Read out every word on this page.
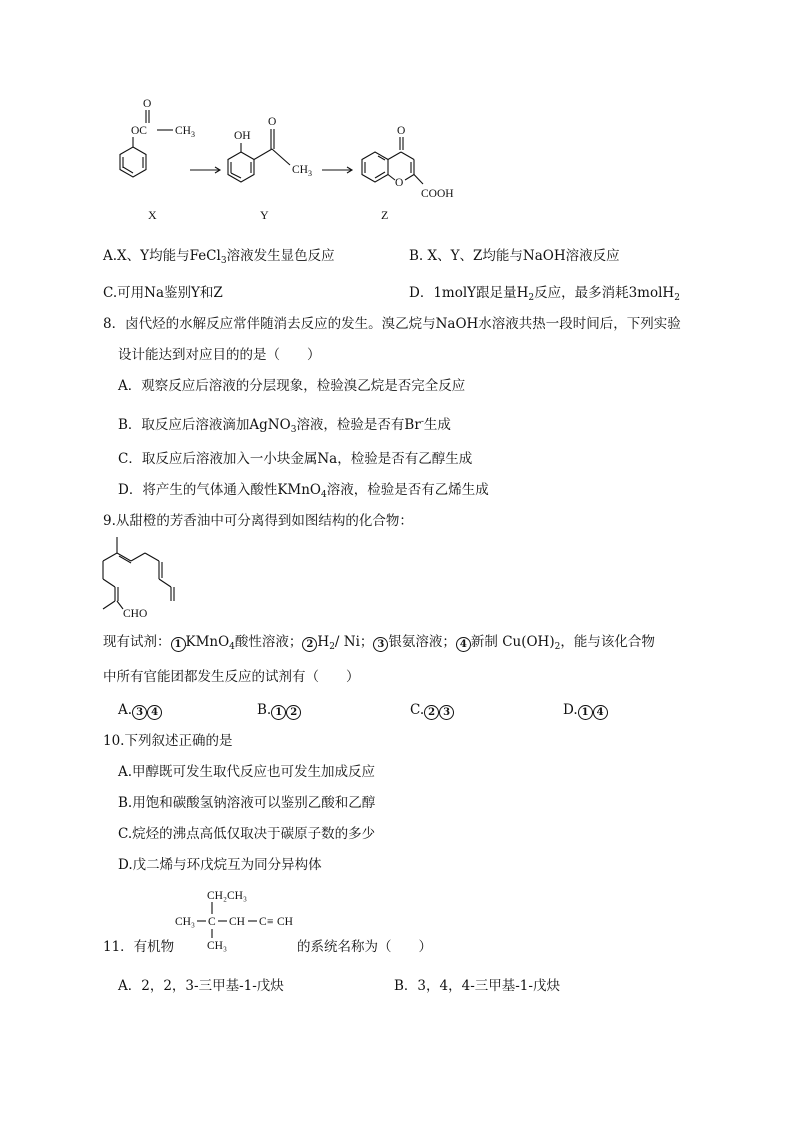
O
OC CH 3
X
OH
O
CH 3
Y
O
O
COOH
Z
A.X、Y均能与FeCl$_3$溶液发生显色反应	B. X、Y、Z均能与NaOH溶液反应
C.可用Na鉴别Y和Z	D．1molY跟足量$H_2$反应，最多消耗3molH$_2$
8．卤代烃的水解反应常伴随消去反应的发生。溴乙烷与NaOH水溶液共热一段时间后，下列实验
设计能达到对应目的的是（　　）
A．观察反应后溶液的分层现象，检验溴乙烷是否完全反应
B．取反应后溶液滴加AgNO$_3$溶液，检验是否有Br-生成
C．取反应后溶液加入一小块金属Na，检验是否有乙醇生成
D．将产生的气体通入酸性KMnO$_4$溶液，检验是否有乙烯生成
9.从甜橙的芳香油中可分离得到如图结构的化合物：
CHO
现有试剂： 1 KMnO$_4$酸性溶液； 2 $H_2/$ Ni； 3 银氨溶液； 4 新制 $Cu(OH)_2$，能与该化合物
中所有官能团都发生反应的试剂有（　　）
A. 3 4	B. 1 2	C. 2 3	D. 1 4
10.下列叙述正确的是
A.甲醇既可发生取代反应也可发生加成反应
B.用饱和碳酸氢钠溶液可以鉴别乙酸和乙醇
C.烷烃的沸点高低仅取决于碳原子数的多少
D.戊二烯与环戊烷互为同分异构体
CH₂CH₃
CH₃ C CH C ≡ CH
CH₃
11．有机物	的系统名称为（　　）
A．2，2，3-三甲基-1-戊炔	B．3，4，4-三甲基-1-戊炔
